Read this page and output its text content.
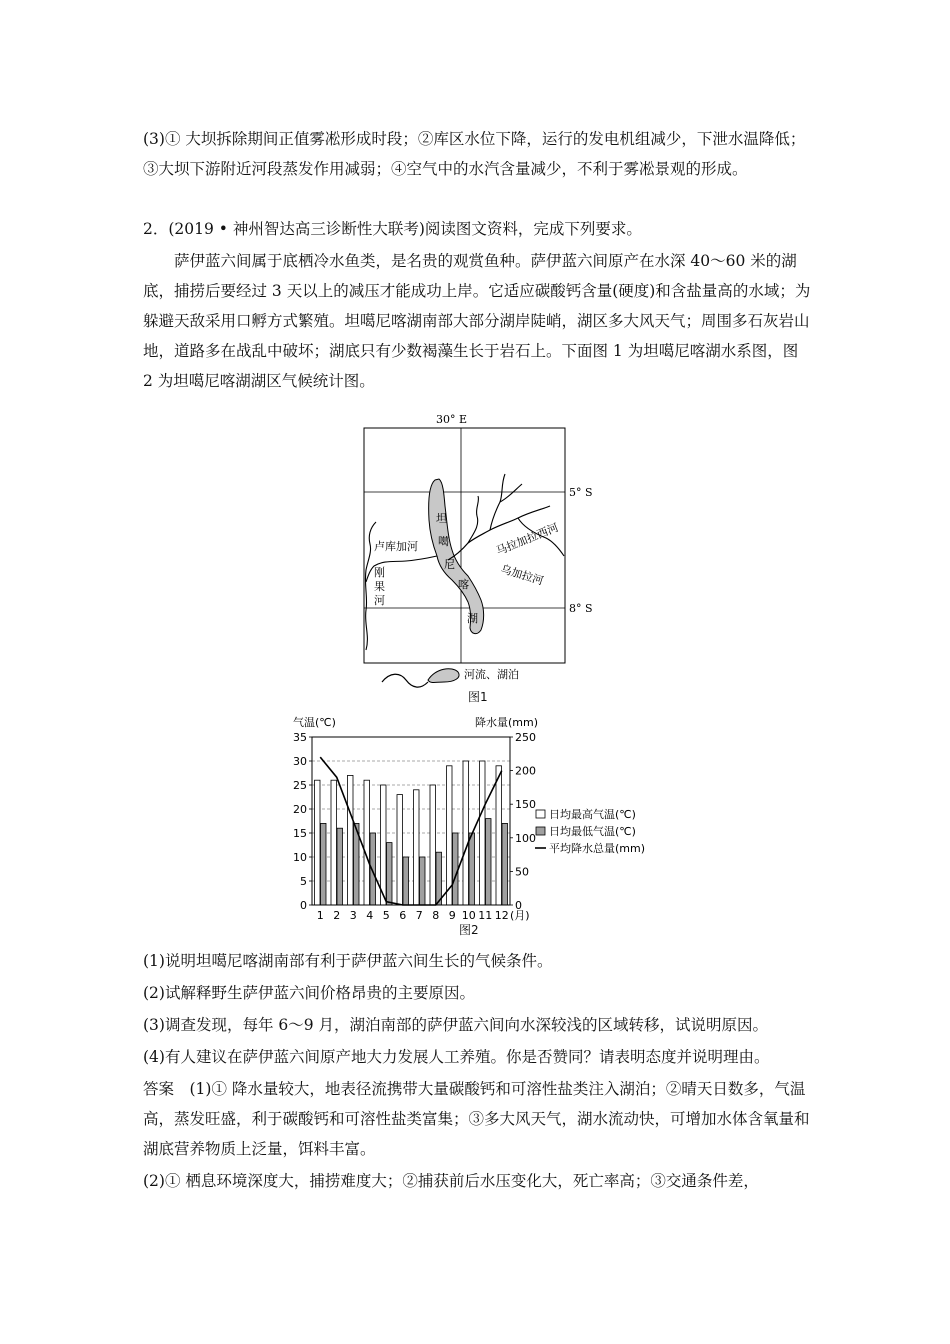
(3)① 大坝拆除期间正值雾凇形成时段；②库区水位下降，运行的发电机组减少，下泄水温降低；③大坝下游附近河段蒸发作用减弱；④空气中的水汽含量减少，不利于雾凇景观的形成。

2．(2019 • 神州智达高三诊断性大联考)阅读图文资料，完成下列要求。

萨伊蓝六间属于底栖冷水鱼类，是名贵的观赏鱼种。萨伊蓝六间原产在水深 40～60 米的湖底，捕捞后要经过 3 天以上的减压才能成功上岸。它适应碳酸钙含量(硬度)和含盐量高的水域；为躲避天敌采用口孵方式繁殖。坦噶尼喀湖南部大部分湖岸陡峭，湖区多大风天气；周围多石灰岩山地，道路多在战乱中破坏；湖底只有少数褐藻生长于岩石上。下面图 1 为坦噶尼喀湖水系图，图 2 为坦噶尼喀湖湖区气候统计图。

30° E
5° S
8° S
坦
噶
尼
喀
湖
卢库加河
刚
果
河
马拉加拉西河
乌加拉河
河流、湖泊
图1
气温(℃)	降水量(mm)
0
5
10
15
20
25
30
35
0
50
100
150
200
250
1 2 3 4 5 6 7 8 9 10 11 12 (月)
日均最高气温(℃)
日均最低气温(℃)
平均降水总量(mm)
图2

(1)说明坦噶尼喀湖南部有利于萨伊蓝六间生长的气候条件。

(2)试解释野生萨伊蓝六间价格昂贵的主要原因。

(3)调查发现，每年 6～9 月，湖泊南部的萨伊蓝六间向水深较浅的区域转移，试说明原因。

(4)有人建议在萨伊蓝六间原产地大力发展人工养殖。你是否赞同？请表明态度并说明理由。

答案　(1)① 降水量较大，地表径流携带大量碳酸钙和可溶性盐类注入湖泊；②晴天日数多，气温高，蒸发旺盛，利于碳酸钙和可溶性盐类富集；③多大风天气，湖水流动快，可增加水体含氧量和湖底营养物质上泛量，饵料丰富。

(2)① 栖息环境深度大，捕捞难度大；②捕获前后水压变化大，死亡率高；③交通条件差，
